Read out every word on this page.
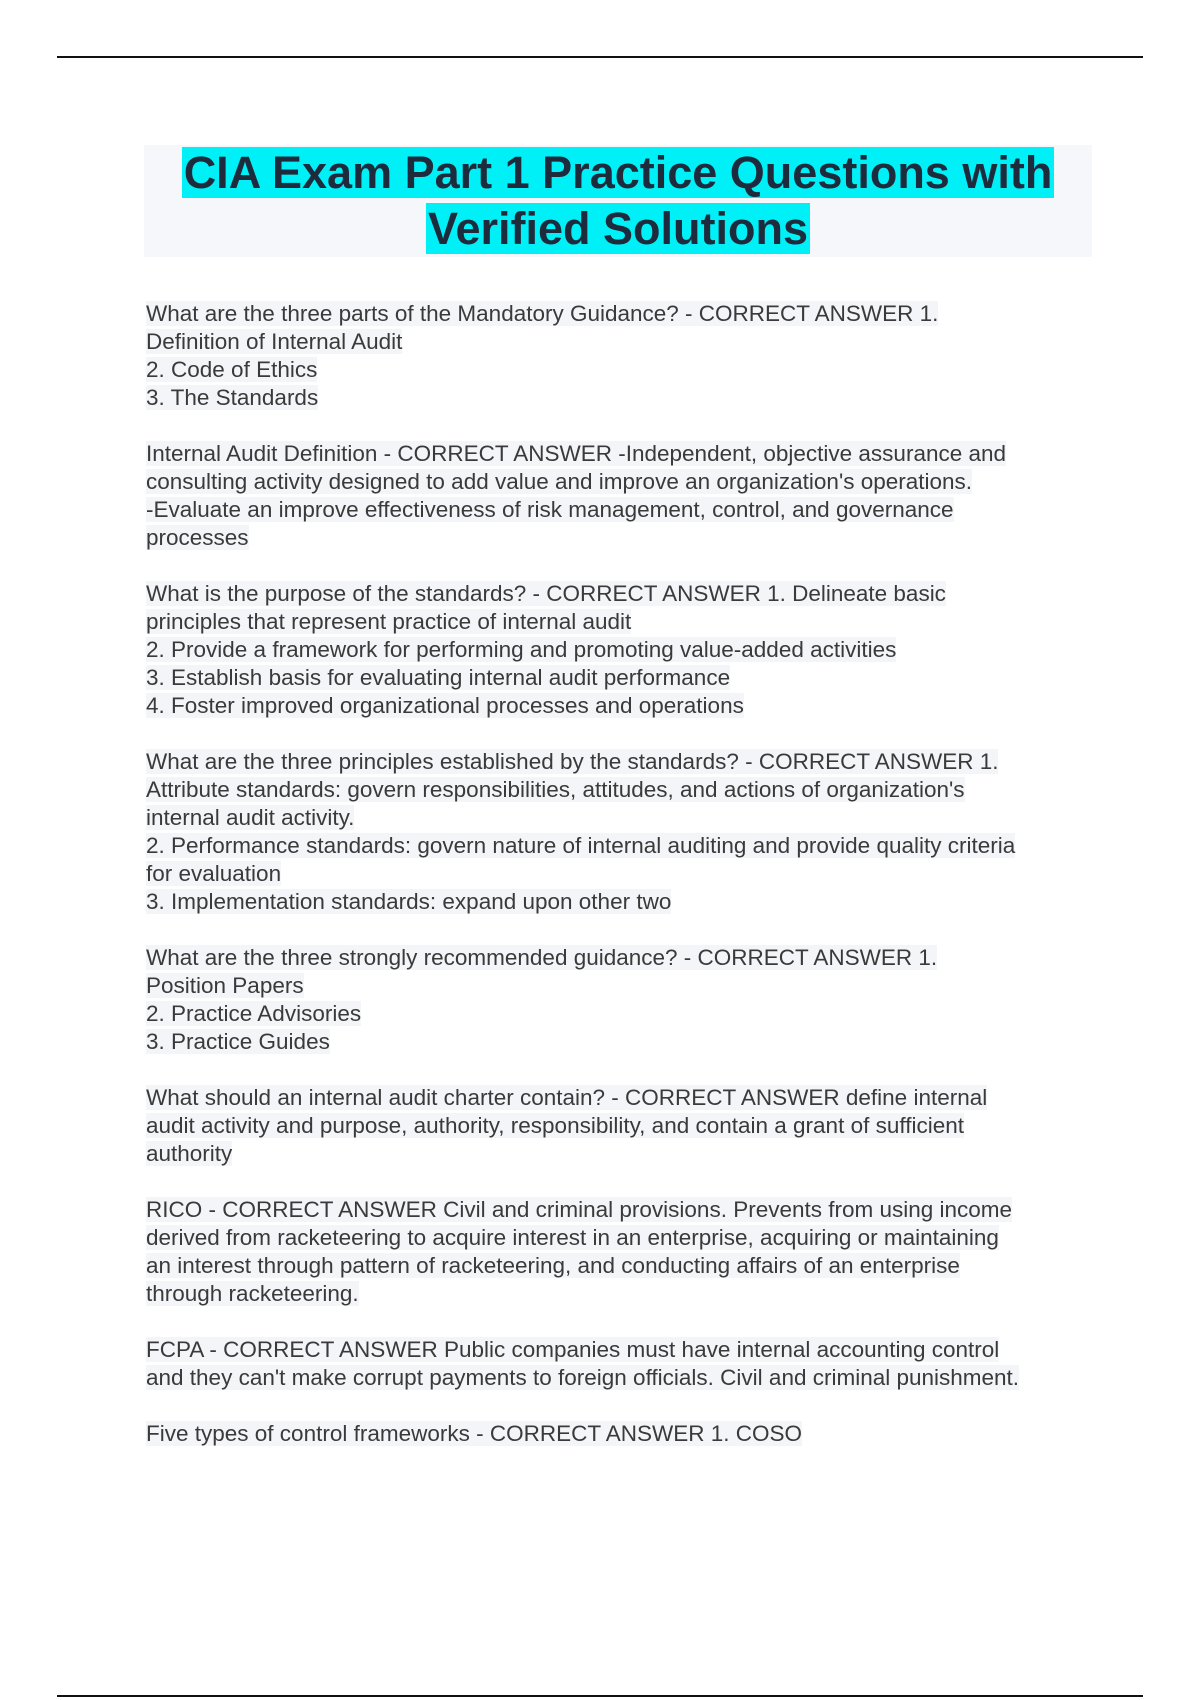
CIA Exam Part 1 Practice Questions with
Verified Solutions
What are the three parts of the Mandatory Guidance? - CORRECT ANSWER 1.
Definition of Internal Audit
2. Code of Ethics
3. The Standards
Internal Audit Definition - CORRECT ANSWER -Independent, objective assurance and
consulting activity designed to add value and improve an organization's operations.
-Evaluate an improve effectiveness of risk management, control, and governance
processes
What is the purpose of the standards? - CORRECT ANSWER 1. Delineate basic
principles that represent practice of internal audit
2. Provide a framework for performing and promoting value-added activities
3. Establish basis for evaluating internal audit performance
4. Foster improved organizational processes and operations
What are the three principles established by the standards? - CORRECT ANSWER 1.
Attribute standards: govern responsibilities, attitudes, and actions of organization's
internal audit activity.
2. Performance standards: govern nature of internal auditing and provide quality criteria
for evaluation
3. Implementation standards: expand upon other two
What are the three strongly recommended guidance? - CORRECT ANSWER 1.
Position Papers
2. Practice Advisories
3. Practice Guides
What should an internal audit charter contain? - CORRECT ANSWER define internal
audit activity and purpose, authority, responsibility, and contain a grant of sufficient
authority
RICO - CORRECT ANSWER Civil and criminal provisions. Prevents from using income
derived from racketeering to acquire interest in an enterprise, acquiring or maintaining
an interest through pattern of racketeering, and conducting affairs of an enterprise
through racketeering.
FCPA - CORRECT ANSWER Public companies must have internal accounting control
and they can't make corrupt payments to foreign officials. Civil and criminal punishment.
Five types of control frameworks - CORRECT ANSWER 1. COSO
